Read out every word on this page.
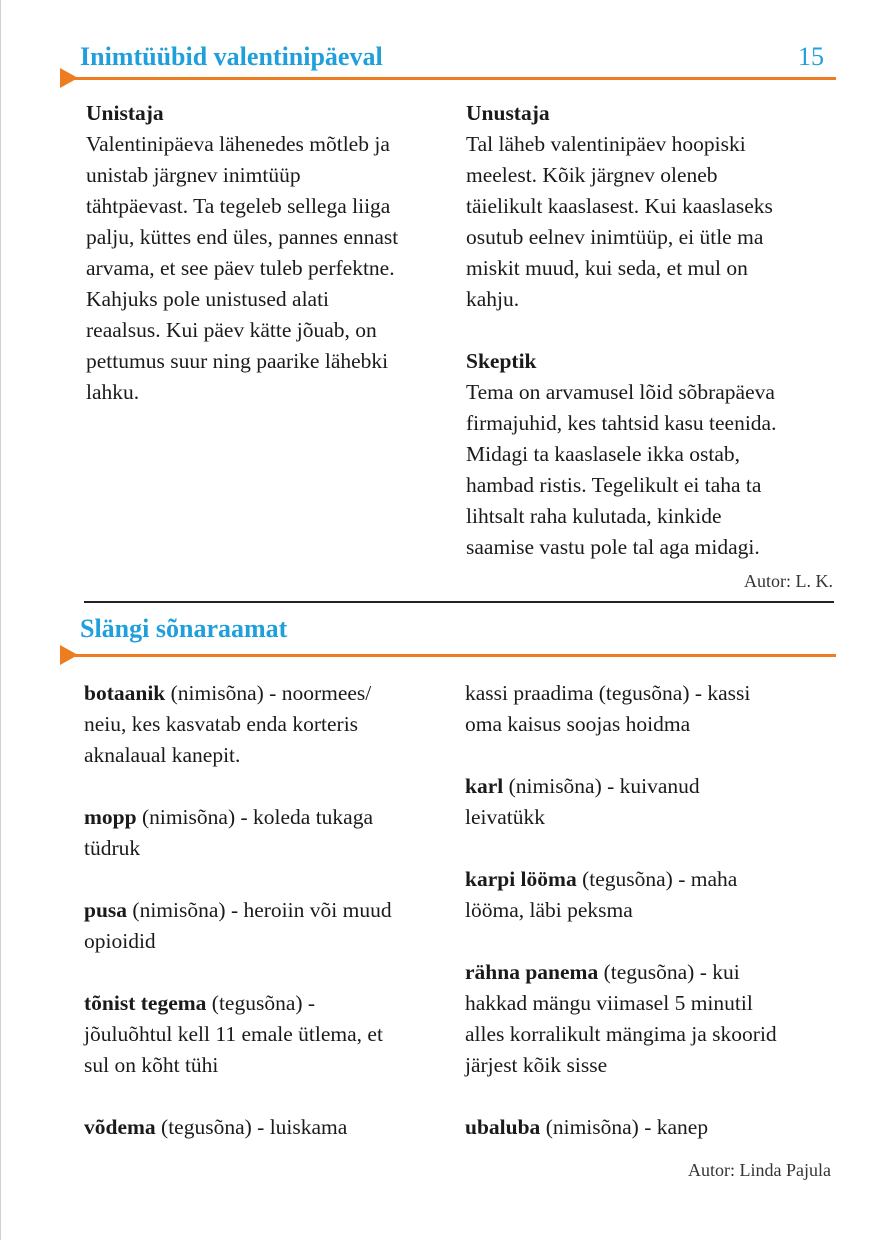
Inimtüübid valentinipäeval	15

Unistaja

Valentinipäeva lähenedes mõtleb ja

unistab järgnev inimtüüp

tähtpäevast. Ta tegeleb sellega liiga

palju, küttes end üles, pannes ennast

arvama, et see päev tuleb perfektne.

Kahjuks pole unistused alati

reaalsus. Kui päev kätte jõuab, on

pettumus suur ning paarike lähebki

lahku.

Unustaja

Tal läheb valentinipäev hoopiski

meelest. Kõik järgnev oleneb

täielikult kaaslasest. Kui kaaslaseks

osutub eelnev inimtüüp, ei ütle ma

miskit muud, kui seda, et mul on

kahju.

Skeptik

Tema on arvamusel lõid sõbrapäeva

firmajuhid, kes tahtsid kasu teenida.

Midagi ta kaaslasele ikka ostab,

hambad ristis. Tegelikult ei taha ta

lihtsalt raha kulutada, kinkide

saamise vastu pole tal aga midagi.

Autor: L. K.
Slängi sõnaraamat

botaanik (nimisõna) - noormees/

neiu, kes kasvatab enda korteris

aknalaual kanepit.

mopp (nimisõna) - koleda tukaga

tüdruk

pusa (nimisõna) - heroiin või muud

opioidid

tõnist tegema (tegusõna) -

jõuluõhtul kell 11 emale ütlema, et

sul on kõht tühi

võdema (tegusõna) - luiskama

kassi praadima (tegusõna) - kassi

oma kaisus soojas hoidma

karl (nimisõna) - kuivanud

leivatükk

karpi lööma (tegusõna) - maha

lööma, läbi peksma

rähna panema (tegusõna) - kui

hakkad mängu viimasel 5 minutil

alles korralikult mängima ja skoorid

järjest kõik sisse

ubaluba (nimisõna) - kanep

Autor: Linda Pajula
